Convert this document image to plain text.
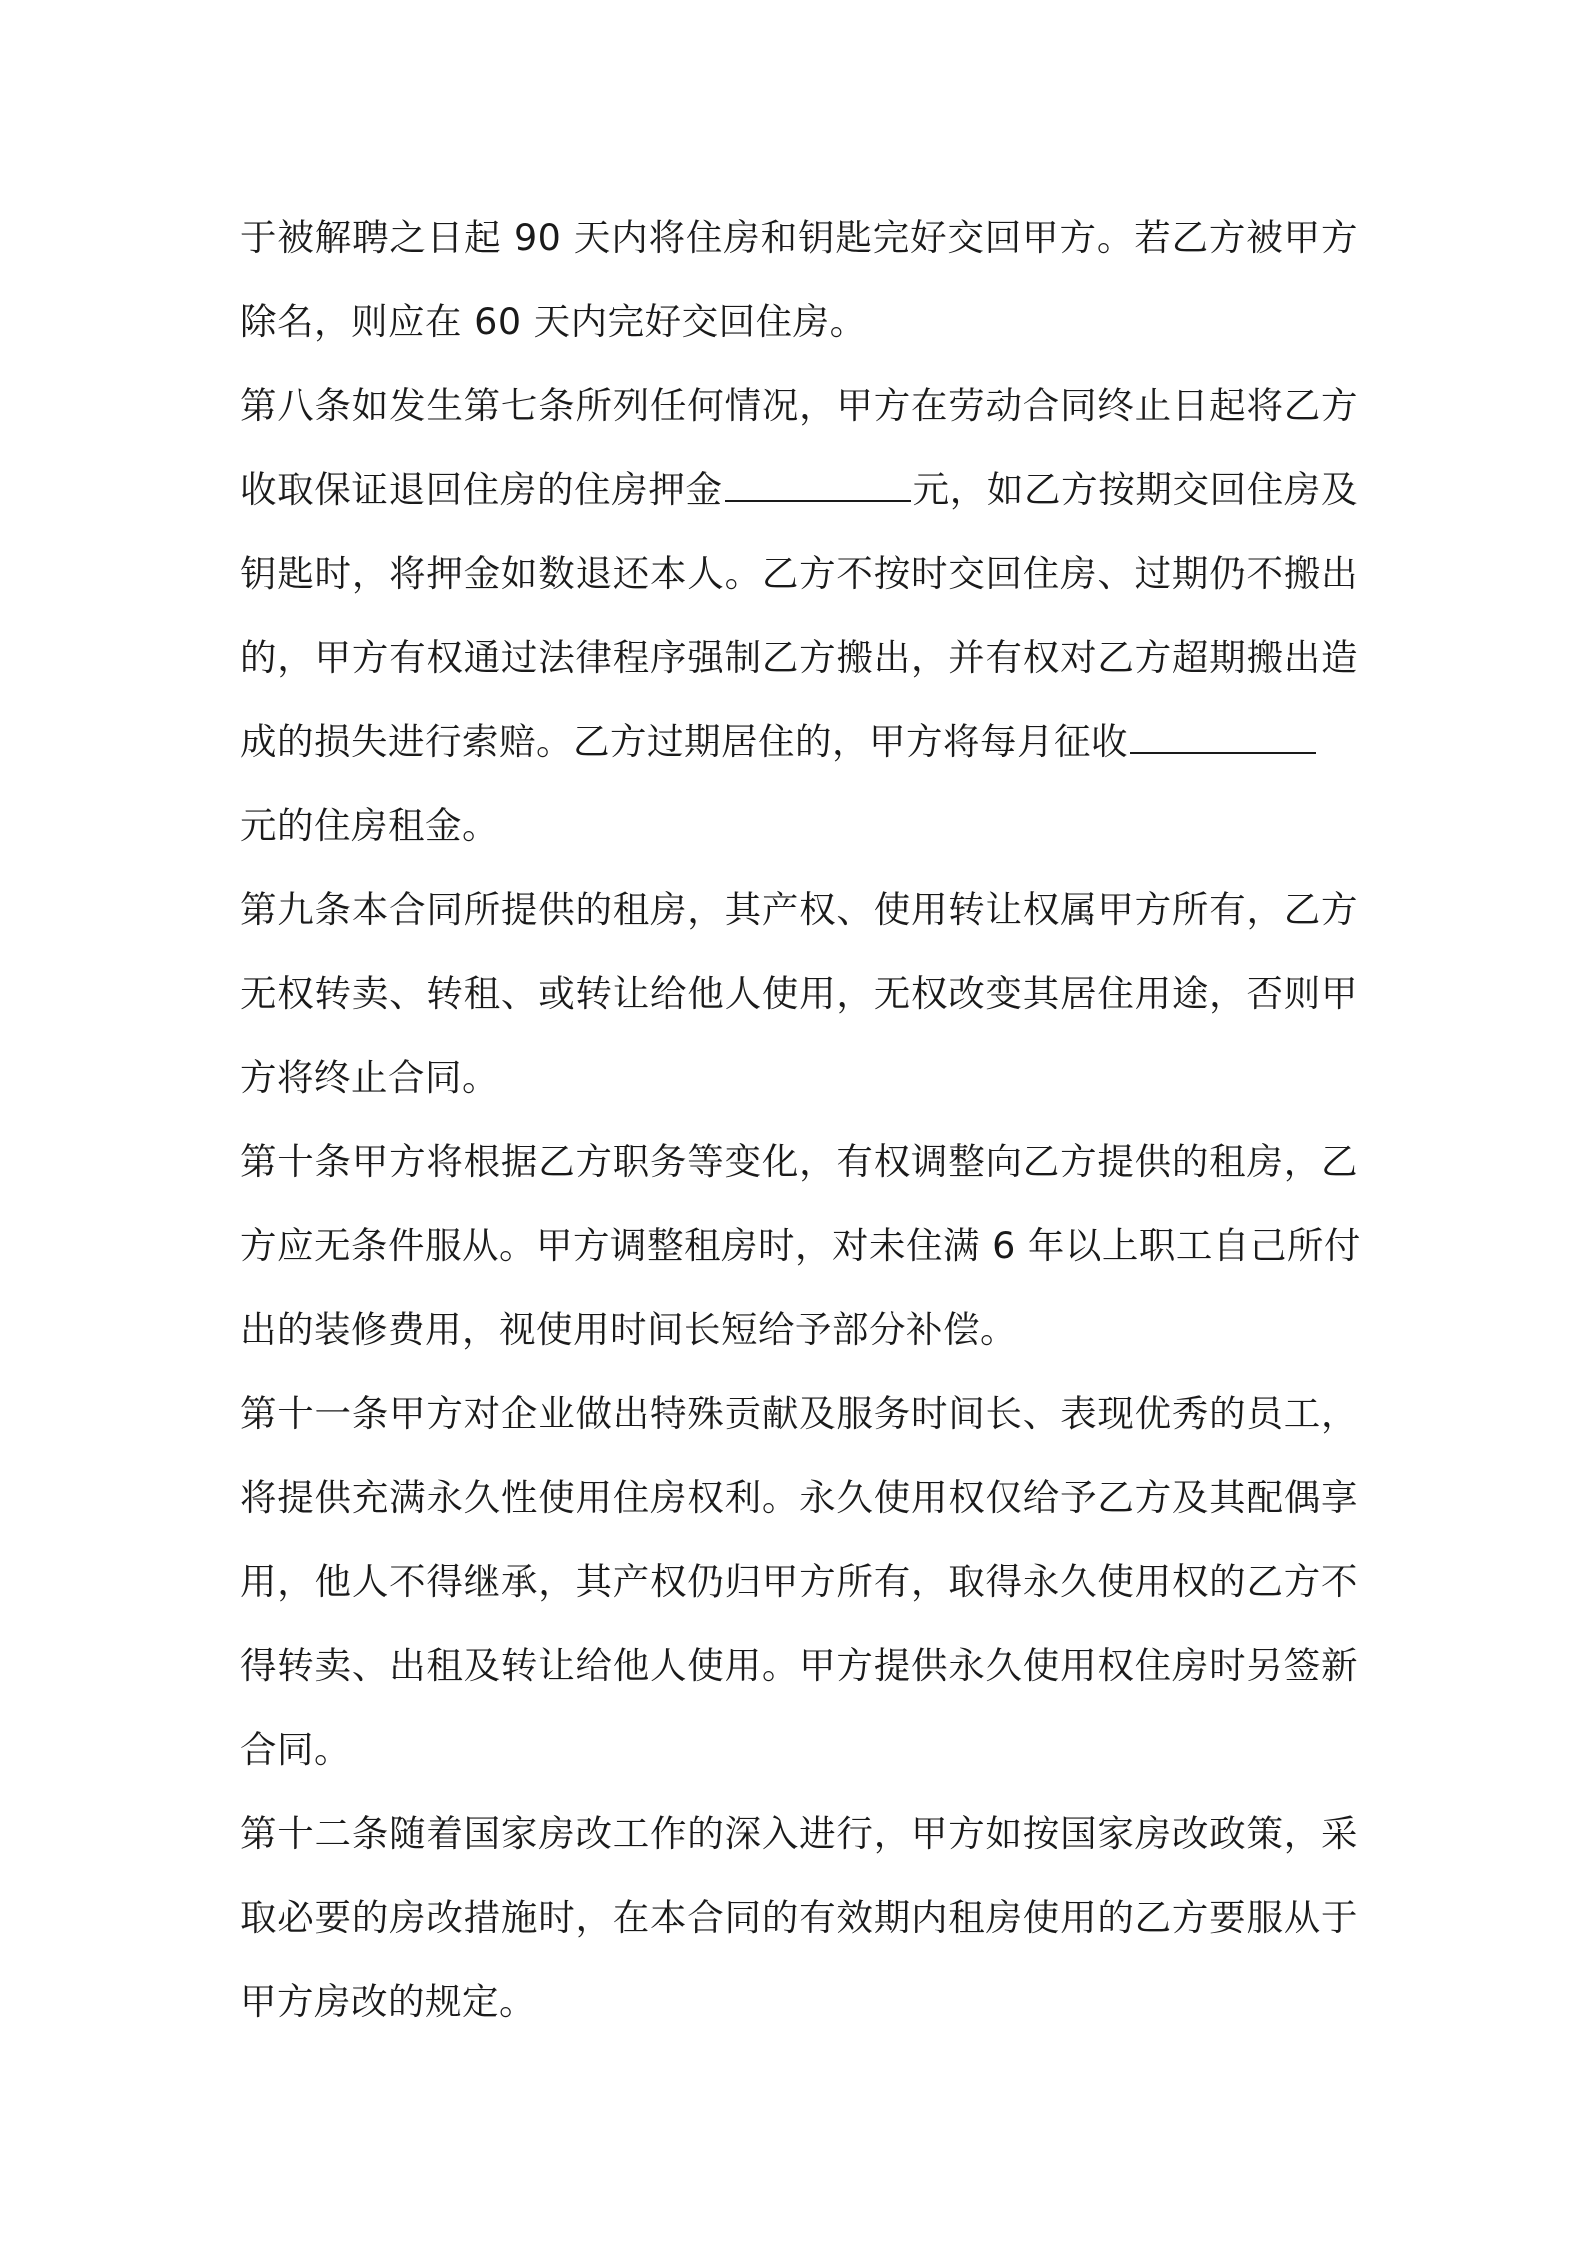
于被解聘之日起 90 天内将住房和钥匙完好交回甲方。若乙方被甲方
除名，则应在 60 天内完好交回住房。
第八条如发生第七条所列任何情况，甲方在劳动合同终止日起将乙方
收取保证退回住房的住房押金	元，如乙方按期交回住房及
钥匙时，将押金如数退还本人。乙方不按时交回住房、过期仍不搬出
的，甲方有权通过法律程序强制乙方搬出，并有权对乙方超期搬出造
成的损失进行索赔。乙方过期居住的，甲方将每月征收
元的住房租金。
第九条本合同所提供的租房，其产权、使用转让权属甲方所有，乙方
无权转卖、转租、或转让给他人使用，无权改变其居住用途，否则甲
方将终止合同。
第十条甲方将根据乙方职务等变化，有权调整向乙方提供的租房，乙
方应无条件服从。甲方调整租房时，对未住满 6 年以上职工自己所付
出的装修费用，视使用时间长短给予部分补偿。
第十一条甲方对企业做出特殊贡献及服务时间长、表现优秀的员工，
将提供充满永久性使用住房权利。永久使用权仅给予乙方及其配偶享
用，他人不得继承，其产权仍归甲方所有，取得永久使用权的乙方不
得转卖、出租及转让给他人使用。甲方提供永久使用权住房时另签新
合同。
第十二条随着国家房改工作的深入进行，甲方如按国家房改政策，采
取必要的房改措施时，在本合同的有效期内租房使用的乙方要服从于
甲方房改的规定。
